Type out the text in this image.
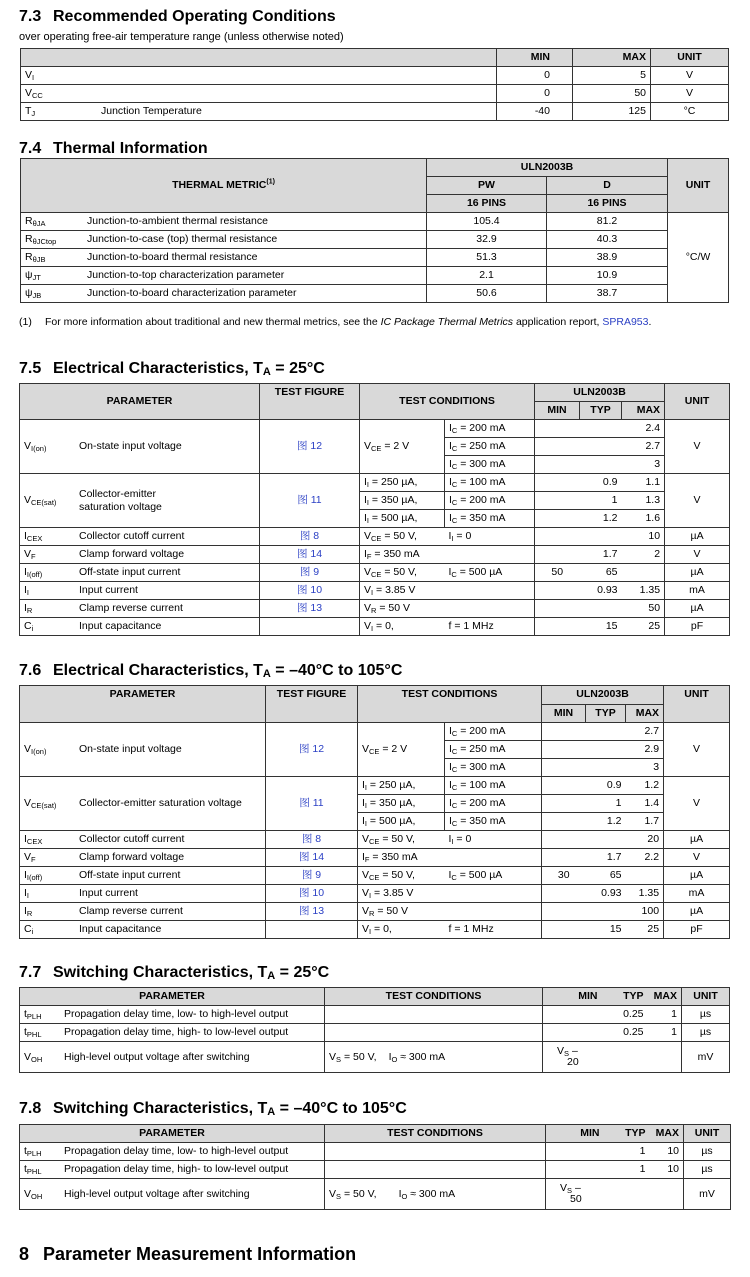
7.3 Recommended Operating Conditions
over operating free-air temperature range (unless otherwise noted)
	MIN	MAX	UNIT
$V_I$	0	5	V
$V_{CC}$	0	50	V
$T_J$ Junction Temperature	-40	125	°C
7.4 Thermal Information
THERMAL METRIC$^{(1)}$	ULN2003B		UNIT
	PW	D	
	16 PINS	16 PINS	

$R_{\theta JA}$ Junction-to-ambient thermal resistance	105.4	81.2	°C/W

$R_{\theta JCtop}$ Junction-to-case (top) thermal resistance	32.9	40.3	

$R_{\theta JB}$ Junction-to-board thermal resistance	51.3	38.9	

$\psi_{JT}$ Junction-to-top characterization parameter	2.1	10.9	

$\psi_{JB}$ Junction-to-board characterization parameter	50.6	38.7	
(1) For more information about traditional and new thermal metrics, see the IC Package Thermal Metrics application report, SPRA953.
7.5 Electrical Characteristics, $T_A = 25^\circ C$
PARAMETER	TEST FIGURE	TEST CONDITIONS		ULN2003B			UNIT
				MIN	TYP	MAX	

$V_{I(on)}$ On-state input voltage	图 12	$V_{CE} = 2$ V	$I_C = 200$ mA	2.4			V
			$I_C = 250$ mA	2.7			
			$I_C = 300$ mA	3			

$V_{CE(sat)}$
Collector-emitter saturation voltage	图 11	$I_I = 250$ µA,	$I_C = 100$ mA		0.9	1.1	V
		$I_I = 350$ µA,	$I_C = 200$ mA		1	1.3	
		$I_I = 500$ µA,	$I_C = 350$ mA		1.2	1.6	

$I_{CEX}$ Collector cutoff current	图 8	$V_{CE} = 50$ V,	$I_I = 0$			10	µA

$V_F$ Clamp forward voltage	图 14	$I_F = 350$ mA			1.7	2	V

$I_{I(off)}$ Off-state input current	图 9	$V_{CE} = 50$ V,	$I_C = 500$ µA	50	65		µA

$I_I$ Input current	图 10	$V_I = 3.85$ V			0.93	1.35	mA

$I_R$ Clamp reverse current	图 13	$V_R = 50$ V				50	µA

$C_i$ Input capacitance		$V_I = 0$,	f = 1 MHz		15	25	pF
7.6 Electrical Characteristics, $T_A = -40^\circ C$ to 105°C
PARAMETER	TEST FIGURE	TEST CONDITIONS		ULN2003B			UNIT
				MIN	TYP	MAX	

$V_{I(on)}$ On-state input voltage	图 12	$V_{CE} = 2$ V	$I_C = 200$ mA	2.7			V
			$I_C = 250$ mA	2.9			
			$I_C = 300$ mA	3			

$V_{CE(sat)}$ Collector-emitter saturation voltage	图 11	$I_I = 250$ µA,	$I_C = 100$ mA		0.9	1.2	V
		$I_I = 350$ µA,	$I_C = 200$ mA		1	1.4	
		$I_I = 500$ µA,	$I_C = 350$ mA		1.2	1.7	

$I_{CEX}$ Collector cutoff current	图 8	$V_{CE} = 50$ V,	$I_I = 0$			20	µA

$V_F$ Clamp forward voltage	图 14	$I_F = 350$ mA			1.7	2.2	V

$I_{I(off)}$ Off-state input current	图 9	$V_{CE} = 50$ V,	$I_C = 500$ µA	30	65		µA

$I_I$ Input current	图 10	$V_I = 3.85$ V			0.93	1.35	mA

$I_R$ Clamp reverse current	图 13	$V_R = 50$ V				100	µA

$C_i$ Input capacitance		$V_I = 0$,	f = 1 MHz		15	25	pF
7.7 Switching Characteristics, $T_A = 25^\circ C$
PARAMETER	TEST CONDITIONS	MIN	TYP	MAX	UNIT

$t_{PLH}$ Propagation delay time, low- to high-level output			0.25	1	µs

$t_{PHL}$ Propagation delay time, high- to low-level output			0.25	1	µs

$V_{OH}$ High-level output voltage after switching	$V_S = 50$ V, $I_O \approx 300$ mA	$V_S$ –
20			mV
7.8 Switching Characteristics, $T_A = -40^\circ C$ to 105°C
PARAMETER	TEST CONDITIONS	MIN	TYP	MAX	UNIT

$t_{PLH}$ Propagation delay time, low- to high-level output			1	10	µs

$t_{PHL}$ Propagation delay time, high- to low-level output			1	10	µs

$V_{OH}$ High-level output voltage after switching	$V_S = 50$ V, $I_O \approx 300$ mA	$V_S$ –
50			mV
8 Parameter Measurement Information
